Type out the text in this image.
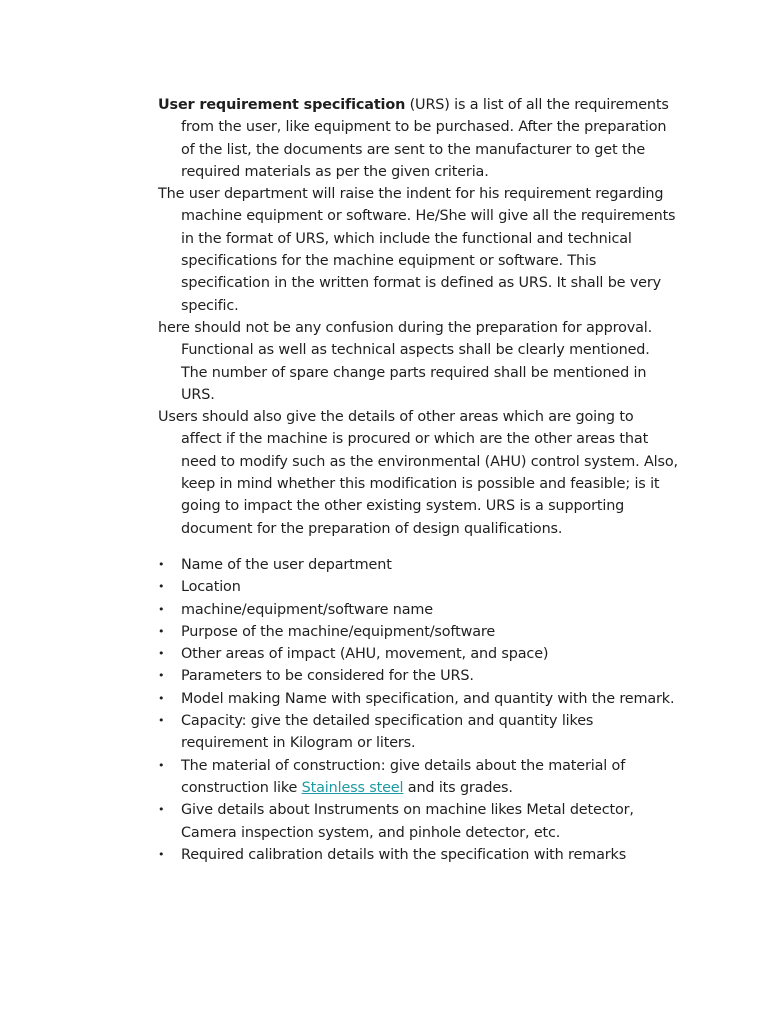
User requirement specification (URS) is a list of all the requirements from the user, like equipment to be purchased. After the preparation of the list, the documents are sent to the manufacturer to get the required materials as per the given criteria.

The user department will raise the indent for his requirement regarding machine equipment or software. He/She will give all the requirements in the format of URS, which include the functional and technical specifications for the machine equipment or software. This specification in the written format is defined as URS. It shall be very specific.

here should not be any confusion during the preparation for approval. Functional as well as technical aspects shall be clearly mentioned. The number of spare change parts required shall be mentioned in URS.

Users should also give the details of other areas which are going to affect if the machine is procured or which are the other areas that need to modify such as the environmental (AHU) control system. Also, keep in mind whether this modification is possible and feasible; is it going to impact the other existing system. URS is a supporting document for the preparation of design qualifications.

• Name of the user department
• Location
• machine/equipment/software name
• Purpose of the machine/equipment/software
• Other areas of impact (AHU, movement, and space)
• Parameters to be considered for the URS.
• Model making Name with specification, and quantity with the remark.
• Capacity: give the detailed specification and quantity likes requirement in Kilogram or liters.
• The material of construction: give details about the material of construction like Stainless steel and its grades.
• Give details about Instruments on machine likes Metal detector, Camera inspection system, and pinhole detector, etc.
• Required calibration details with the specification with remarks
